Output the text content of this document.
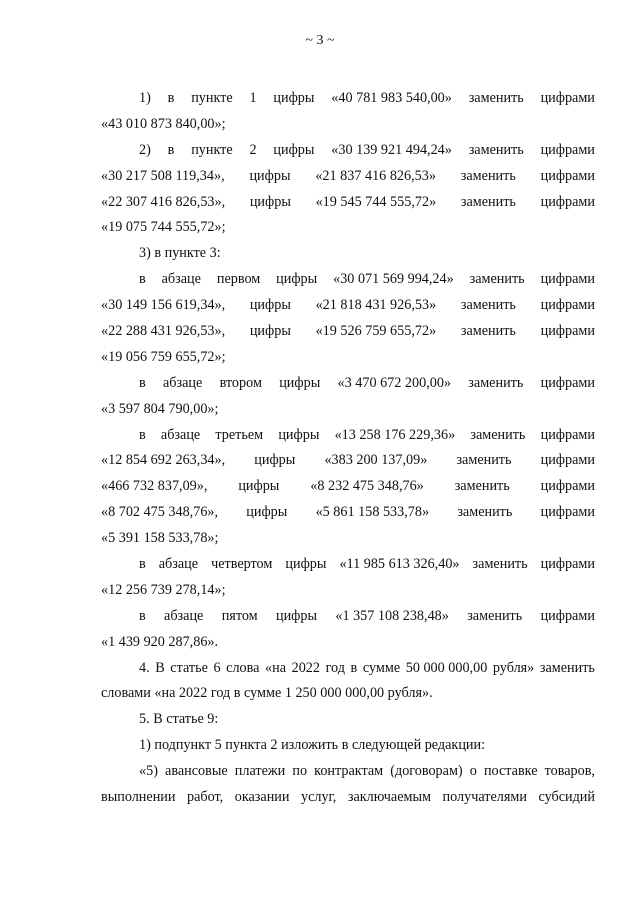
~ 3 ~
1) в пункте 1 цифры «40 781 983 540,00» заменить цифрами
«43 010 873 840,00»;
2) в пункте 2 цифры «30 139 921 494,24» заменить цифрами
«30 217 508 119,34», цифры «21 837 416 826,53» заменить цифрами
«22 307 416 826,53», цифры «19 545 744 555,72» заменить цифрами
«19 075 744 555,72»;
3) в пункте 3:
в абзаце первом цифры «30 071 569 994,24» заменить цифрами
«30 149 156 619,34», цифры «21 818 431 926,53» заменить цифрами
«22 288 431 926,53», цифры «19 526 759 655,72» заменить цифрами
«19 056 759 655,72»;
в абзаце втором цифры «3 470 672 200,00» заменить цифрами
«3 597 804 790,00»;
в абзаце третьем цифры «13 258 176 229,36» заменить цифрами
«12 854 692 263,34», цифры «383 200 137,09» заменить цифрами
«466 732 837,09», цифры «8 232 475 348,76» заменить цифрами
«8 702 475 348,76», цифры «5 861 158 533,78» заменить цифрами
«5 391 158 533,78»;
в абзаце четвертом цифры «11 985 613 326,40» заменить цифрами
«12 256 739 278,14»;
в абзаце пятом цифры «1 357 108 238,48» заменить цифрами
«1 439 920 287,86».
4. В статье 6 слова «на 2022 год в сумме 50 000 000,00 рубля» заменить
словами «на 2022 год в сумме 1 250 000 000,00 рубля».
5. В статье 9:
1) подпункт 5 пункта 2 изложить в следующей редакции:
«5) авансовые платежи по контрактам (договорам) о поставке товаров,
выполнении работ, оказании услуг, заключаемым получателями субсидий
